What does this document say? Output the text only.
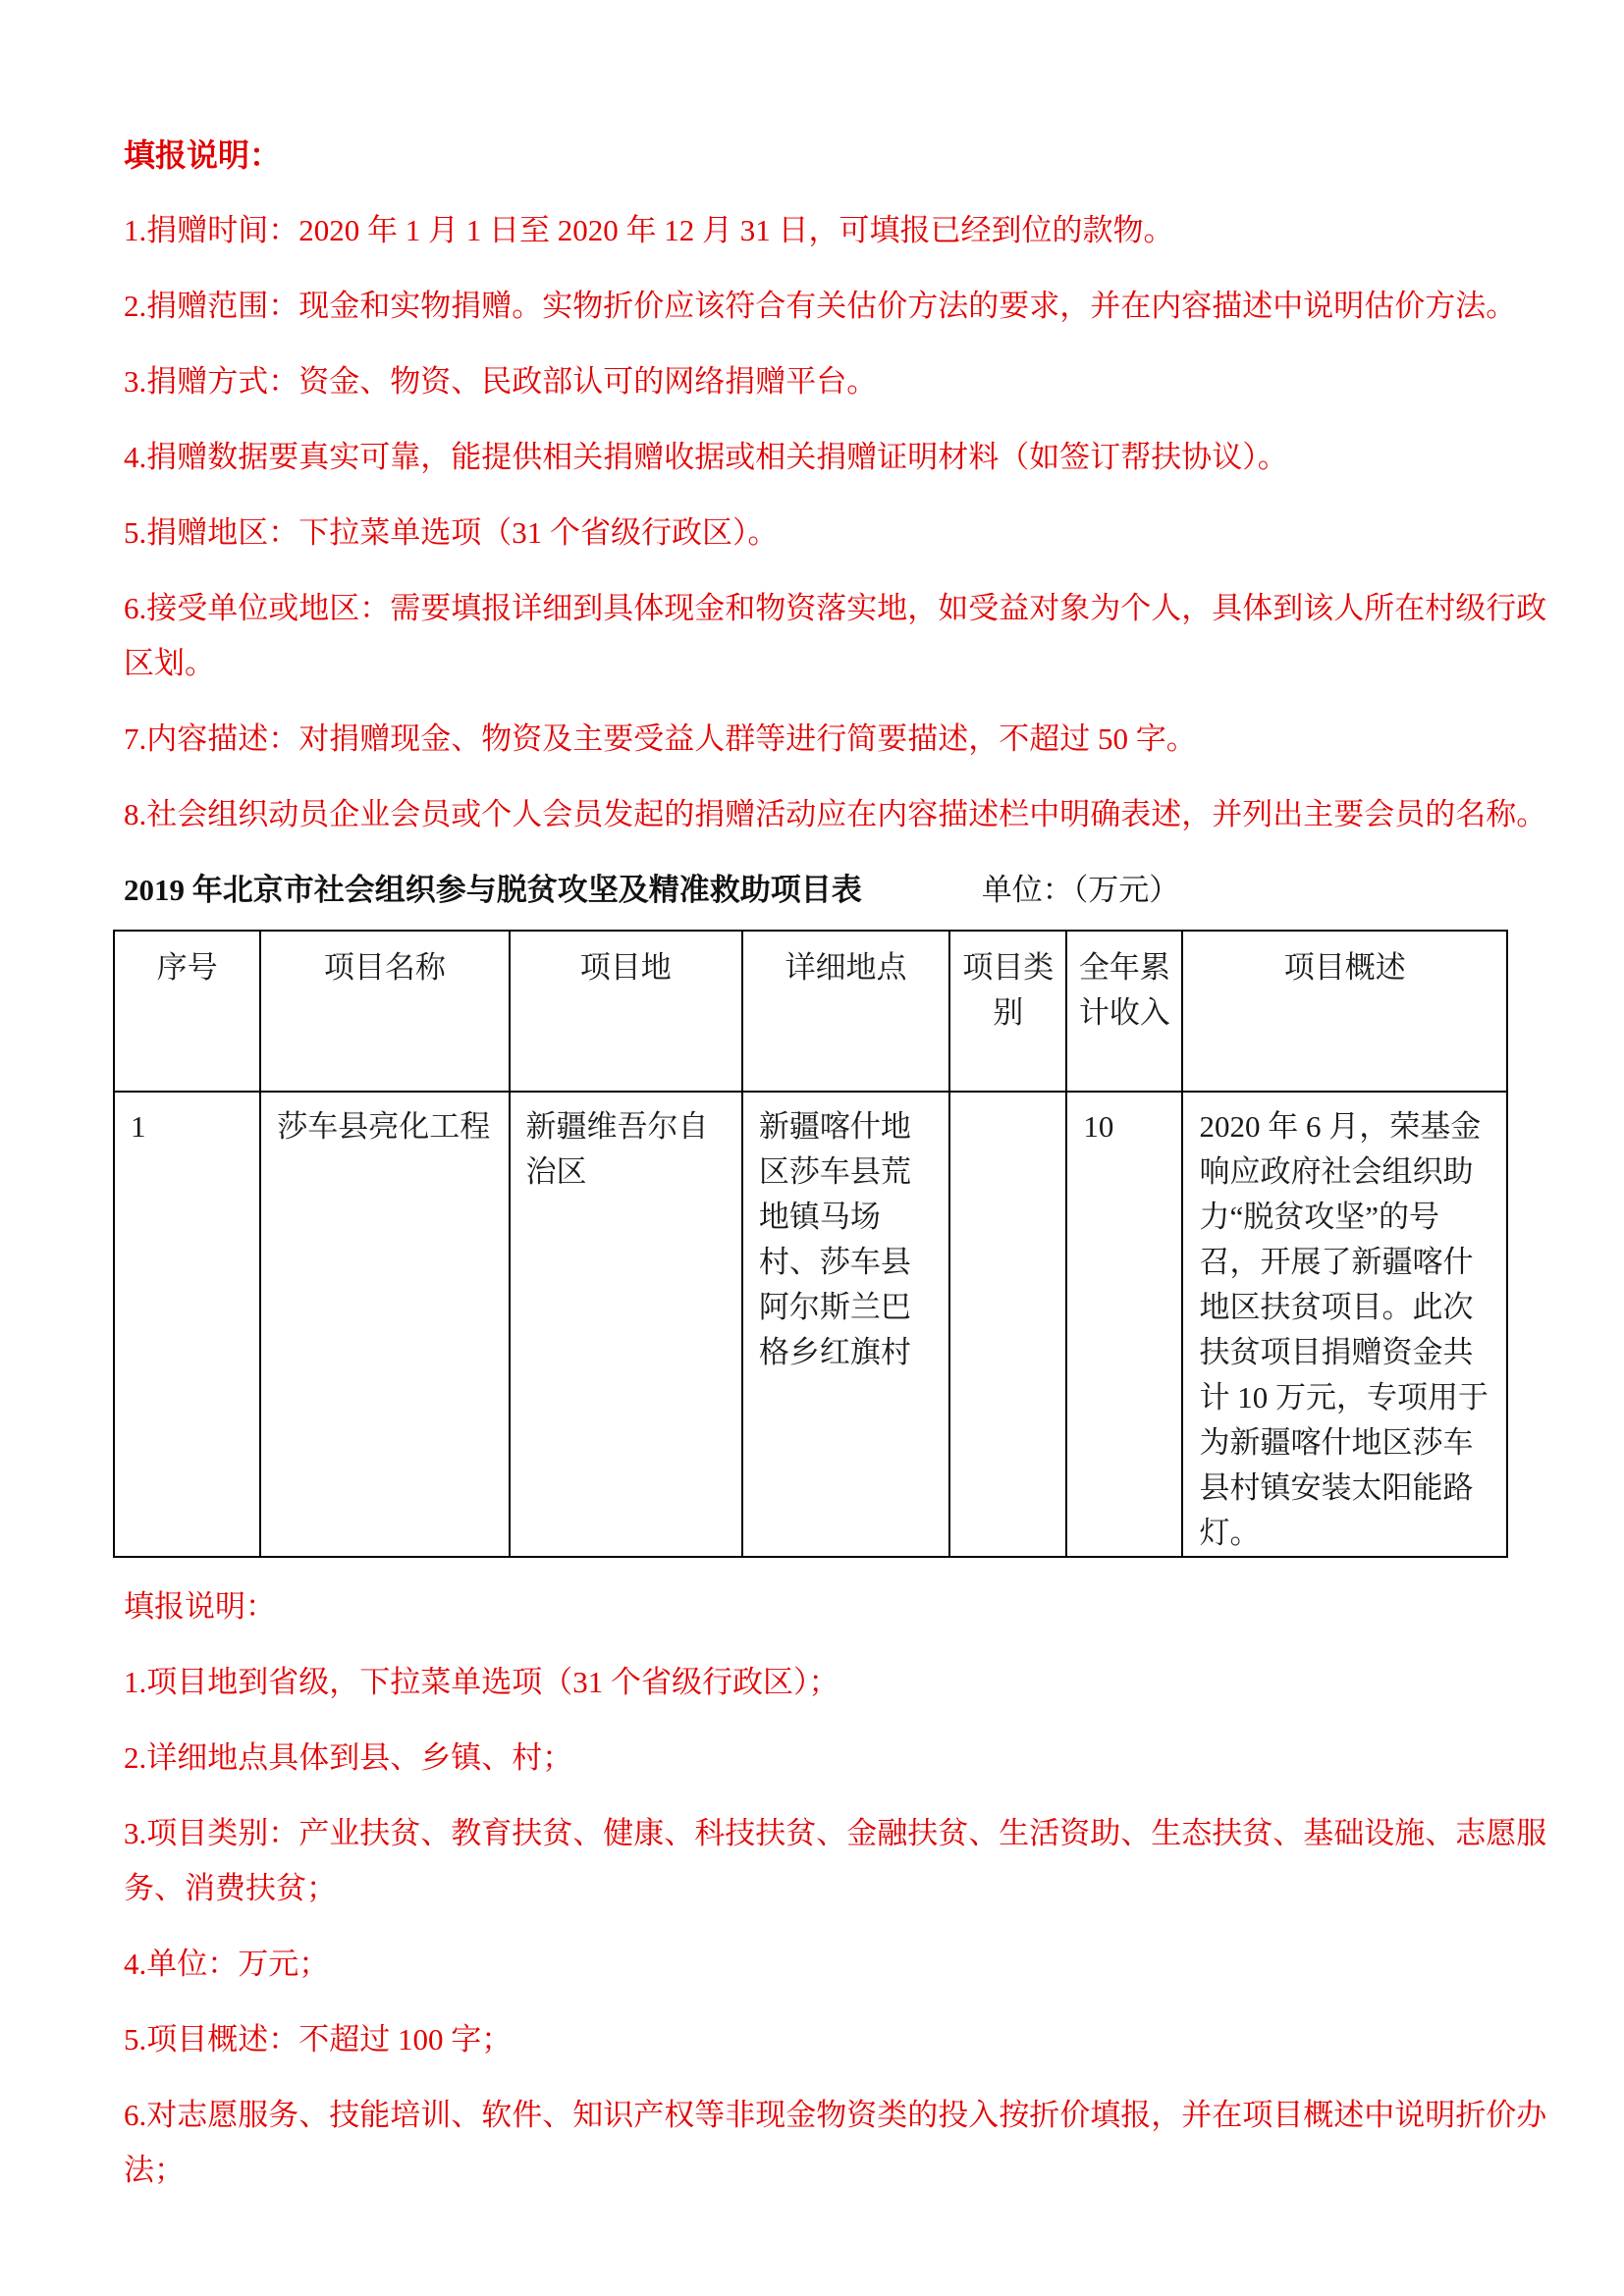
填报说明：

1.捐赠时间：2020 年 1 月 1 日至 2020 年 12 月 31 日，可填报已经到位的款物。

2.捐赠范围：现金和实物捐赠。实物折价应该符合有关估价方法的要求，并在内容描述中说明估价方法。

3.捐赠方式：资金、物资、民政部认可的网络捐赠平台。

4.捐赠数据要真实可靠，能提供相关捐赠收据或相关捐赠证明材料（如签订帮扶协议）。

5.捐赠地区：下拉菜单选项（31 个省级行政区）。

6.接受单位或地区：需要填报详细到具体现金和物资落实地，如受益对象为个人，具体到该人所在村级行政区划。

7.内容描述：对捐赠现金、物资及主要受益人群等进行简要描述，不超过 50 字。

8.社会组织动员企业会员或个人会员发起的捐赠活动应在内容描述栏中明确表述，并列出主要会员的名称。

2019 年北京市社会组织参与脱贫攻坚及精准救助项目表	单位：（万元）
序号	项目名称	项目地	详细地点	项目类别	全年累计收入	项目概述
1	莎车县亮化工程	新疆维吾尔自治区	新疆喀什地区莎车县荒地镇马场村、莎车县阿尔斯兰巴格乡红旗村		10	2020 年 6 月，荣基金响应政府社会组织助力“脱贫攻坚”的号召，开展了新疆喀什地区扶贫项目。此次扶贫项目捐赠资金共计 10 万元，专项用于为新疆喀什地区莎车县村镇安装太阳能路灯。

填报说明：

1.项目地到省级，下拉菜单选项（31 个省级行政区）；

2.详细地点具体到县、乡镇、村；

3.项目类别：产业扶贫、教育扶贫、健康、科技扶贫、金融扶贫、生活资助、生态扶贫、基础设施、志愿服务、消费扶贫；

4.单位：万元；

5.项目概述：不超过 100 字；

6.对志愿服务、技能培训、软件、知识产权等非现金物资类的投入按折价填报，并在项目概述中说明折价办法；
